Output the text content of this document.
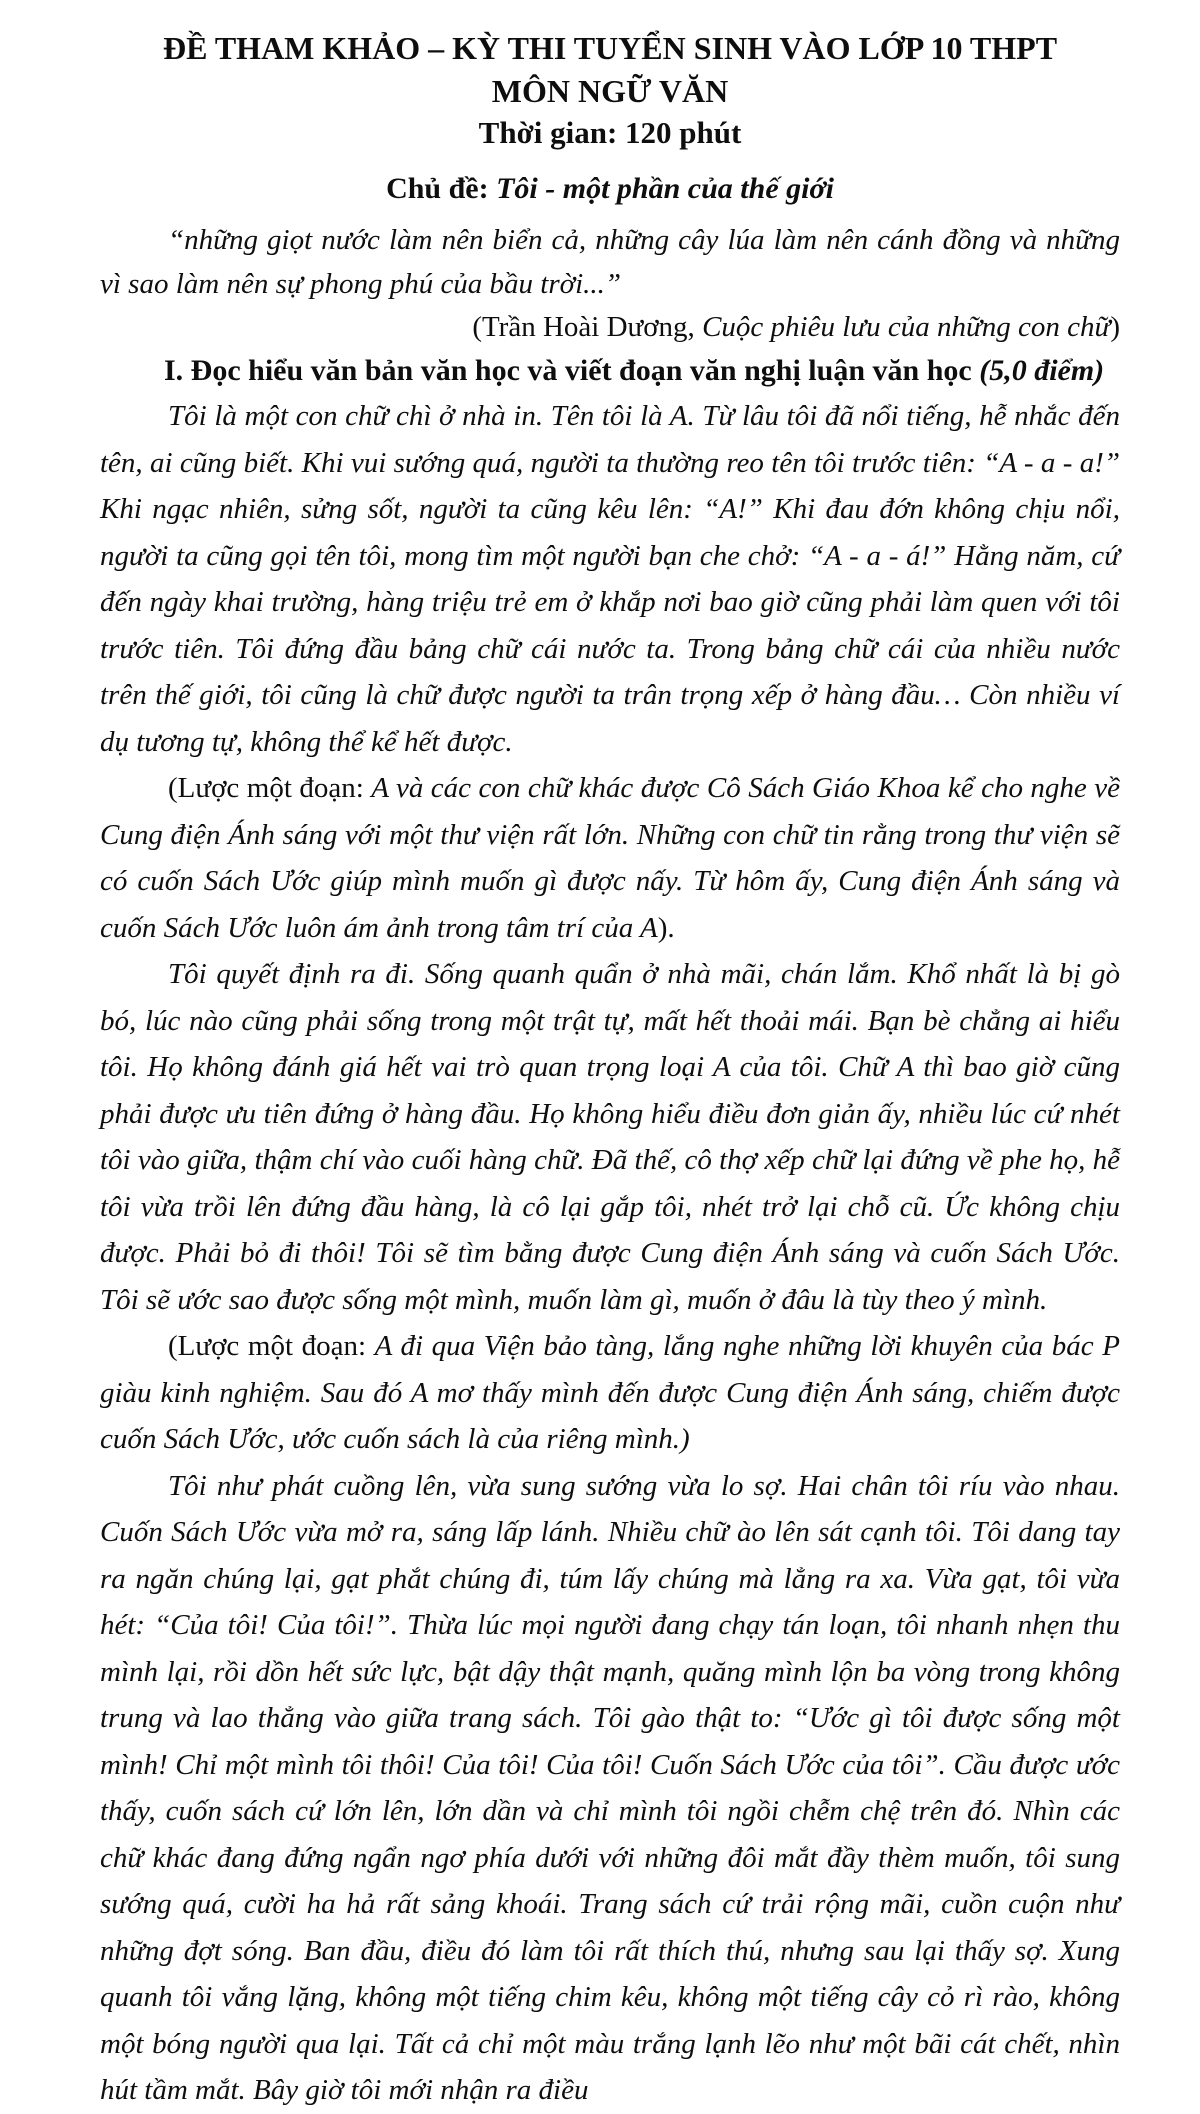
ĐỀ THAM KHẢO – KỲ THI TUYỂN SINH VÀO LỚP 10 THPT
MÔN NGỮ VĂN
Thời gian: 120 phút

Chủ đề: Tôi - một phần của thế giới

“những giọt nước làm nên biển cả, những cây lúa làm nên cánh đồng và những vì sao làm nên sự phong phú của bầu trời...”

(Trần Hoài Dương, Cuộc phiêu lưu của những con chữ)

I. Đọc hiểu văn bản văn học và viết đoạn văn nghị luận văn học (5,0 điểm)

Tôi là một con chữ chì ở nhà in. Tên tôi là A. Từ lâu tôi đã nổi tiếng, hễ nhắc đến tên, ai cũng biết. Khi vui sướng quá, người ta thường reo tên tôi trước tiên: “A - a - a!” Khi ngạc nhiên, sửng sốt, người ta cũng kêu lên: “A!” Khi đau đớn không chịu nổi, người ta cũng gọi tên tôi, mong tìm một người bạn che chở: “A - a - á!” Hằng năm, cứ đến ngày khai trường, hàng triệu trẻ em ở khắp nơi bao giờ cũng phải làm quen với tôi trước tiên. Tôi đứng đầu bảng chữ cái nước ta. Trong bảng chữ cái của nhiều nước trên thế giới, tôi cũng là chữ được người ta trân trọng xếp ở hàng đầu… Còn nhiều ví dụ tương tự, không thể kể hết được.

(Lược một đoạn: A và các con chữ khác được Cô Sách Giáo Khoa kể cho nghe về Cung điện Ánh sáng với một thư viện rất lớn. Những con chữ tin rằng trong thư viện sẽ có cuốn Sách Ước giúp mình muốn gì được nấy. Từ hôm ấy, Cung điện Ánh sáng và cuốn Sách Ước luôn ám ảnh trong tâm trí của A).

Tôi quyết định ra đi. Sống quanh quẩn ở nhà mãi, chán lắm. Khổ nhất là bị gò bó, lúc nào cũng phải sống trong một trật tự, mất hết thoải mái. Bạn bè chẳng ai hiểu tôi. Họ không đánh giá hết vai trò quan trọng loại A của tôi. Chữ A thì bao giờ cũng phải được ưu tiên đứng ở hàng đầu. Họ không hiểu điều đơn giản ấy, nhiều lúc cứ nhét tôi vào giữa, thậm chí vào cuối hàng chữ. Đã thế, cô thợ xếp chữ lại đứng về phe họ, hễ tôi vừa trồi lên đứng đầu hàng, là cô lại gắp tôi, nhét trở lại chỗ cũ. Ức không chịu được. Phải bỏ đi thôi! Tôi sẽ tìm bằng được Cung điện Ánh sáng và cuốn Sách Ước. Tôi sẽ ước sao được sống một mình, muốn làm gì, muốn ở đâu là tùy theo ý mình.

(Lược một đoạn: A đi qua Viện bảo tàng, lắng nghe những lời khuyên của bác P giàu kinh nghiệm. Sau đó A mơ thấy mình đến được Cung điện Ánh sáng, chiếm được cuốn Sách Ước, ước cuốn sách là của riêng mình.)

Tôi như phát cuồng lên, vừa sung sướng vừa lo sợ. Hai chân tôi ríu vào nhau. Cuốn Sách Ước vừa mở ra, sáng lấp lánh. Nhiều chữ ào lên sát cạnh tôi. Tôi dang tay ra ngăn chúng lại, gạt phắt chúng đi, túm lấy chúng mà lẳng ra xa. Vừa gạt, tôi vừa hét: “Của tôi! Của tôi!”. Thừa lúc mọi người đang chạy tán loạn, tôi nhanh nhẹn thu mình lại, rồi dồn hết sức lực, bật dậy thật mạnh, quăng mình lộn ba vòng trong không trung và lao thẳng vào giữa trang sách. Tôi gào thật to: “Ước gì tôi được sống một mình! Chỉ một mình tôi thôi! Của tôi! Của tôi! Cuốn Sách Ước của tôi”. Cầu được ước thấy, cuốn sách cứ lớn lên, lớn dần và chỉ mình tôi ngồi chễm chệ trên đó. Nhìn các chữ khác đang đứng ngẩn ngơ phía dưới với những đôi mắt đầy thèm muốn, tôi sung sướng quá, cười ha hả rất sảng khoái. Trang sách cứ trải rộng mãi, cuồn cuộn như những đợt sóng. Ban đầu, điều đó làm tôi rất thích thú, nhưng sau lại thấy sợ. Xung quanh tôi vắng lặng, không một tiếng chim kêu, không một tiếng cây cỏ rì rào, không một bóng người qua lại. Tất cả chỉ một màu trắng lạnh lẽo như một bãi cát chết, nhìn hút tầm mắt. Bây giờ tôi mới nhận ra điều
